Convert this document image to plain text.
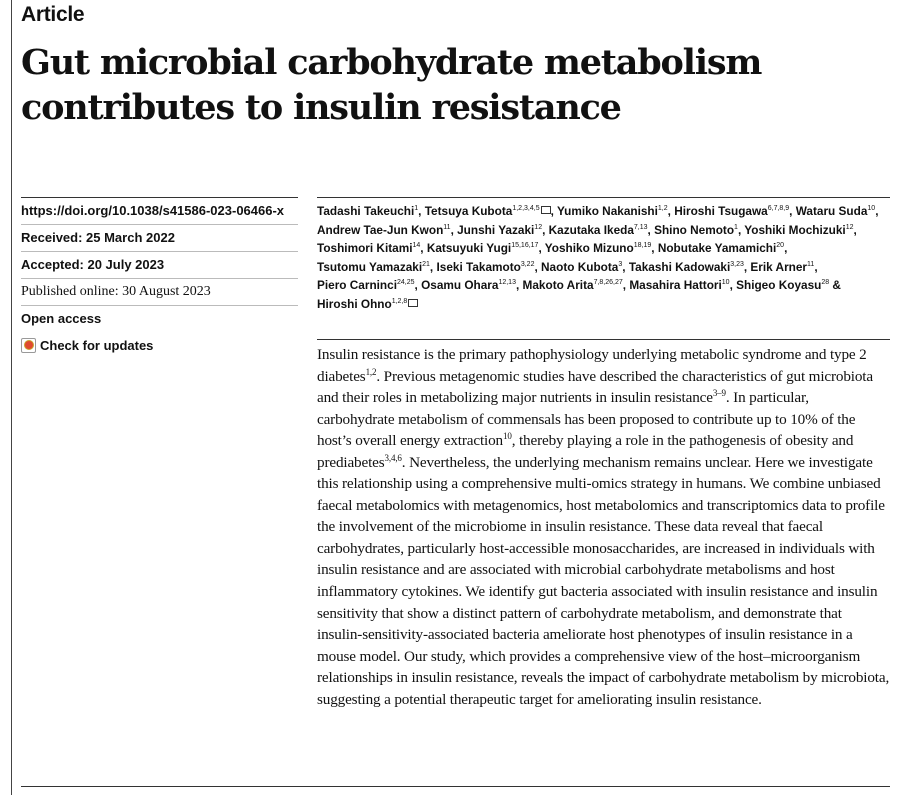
Article
Gut microbial carbohydrate metabolism contributes to insulin resistance
https://doi.org/10.1038/s41586-023-06466-x
Received: 25 March 2022
Accepted: 20 July 2023
Published online: 30 August 2023
Open access
Check for updates
Tadashi Takeuchi$^1$, Tetsuya Kubota$^{1,2,3,4,5}$ , Yumiko Nakanishi$^{1,2}$, Hiroshi Tsugawa$^{6,7,8,9}$, Wataru Suda$^{10}$, Andrew Tae-Jun Kwon$^{11}$, Junshi Yazaki$^{12}$, Kazutaka Ikeda$^{7,13}$, Shino Nemoto$^1$, Yoshiki Mochizuki$^{12}$, Toshimori Kitami$^{14}$, Katsuyuki Yugi$^{15,16,17}$, Yoshiko Mizuno$^{18,19}$, Nobutake Yamamichi$^{20}$, Tsutomu Yamazaki$^{21}$, Iseki Takamoto$^{3,22}$, Naoto Kubota$^3$, Takashi Kadowaki$^{3,23}$, Erik Arner$^{11}$, Piero Carninci$^{24,25}$, Osamu Ohara$^{12,13}$, Makoto Arita$^{7,8,26,27}$, Masahira Hattori$^{10}$, Shigeo Koyasu$^{28}$ & Hiroshi Ohno$^{1,2,8}$
Insulin resistance is the primary pathophysiology underlying metabolic syndrome and type 2 diabetes$^{1,2}$. Previous metagenomic studies have described the characteristics of gut microbiota and their roles in metabolizing major nutrients in insulin resistance$^{3-9}$. In particular, carbohydrate metabolism of commensals has been proposed to contribute up to 10% of the host’s overall energy extraction$^{10}$, thereby playing a role in the pathogenesis of obesity and prediabetes$^{3,4,6}$. Nevertheless, the underlying mechanism remains unclear. Here we investigate this relationship using a comprehensive multi-omics strategy in humans. We combine unbiased faecal metabolomics with metagenomics, host metabolomics and transcriptomics data to profile the involvement of the microbiome in insulin resistance. These data reveal that faecal carbohydrates, particularly host-accessible monosaccharides, are increased in individuals with insulin resistance and are associated with microbial carbohydrate metabolisms and host inflammatory cytokines. We identify gut bacteria associated with insulin resistance and insulin sensitivity that show a distinct pattern of carbohydrate metabolism, and demonstrate that insulin-sensitivity-associated bacteria ameliorate host phenotypes of insulin resistance in a mouse model. Our study, which provides a comprehensive view of the host–microorganism relationships in insulin resistance, reveals the impact of carbohydrate metabolism by microbiota, suggesting a potential therapeutic target for ameliorating insulin resistance.
